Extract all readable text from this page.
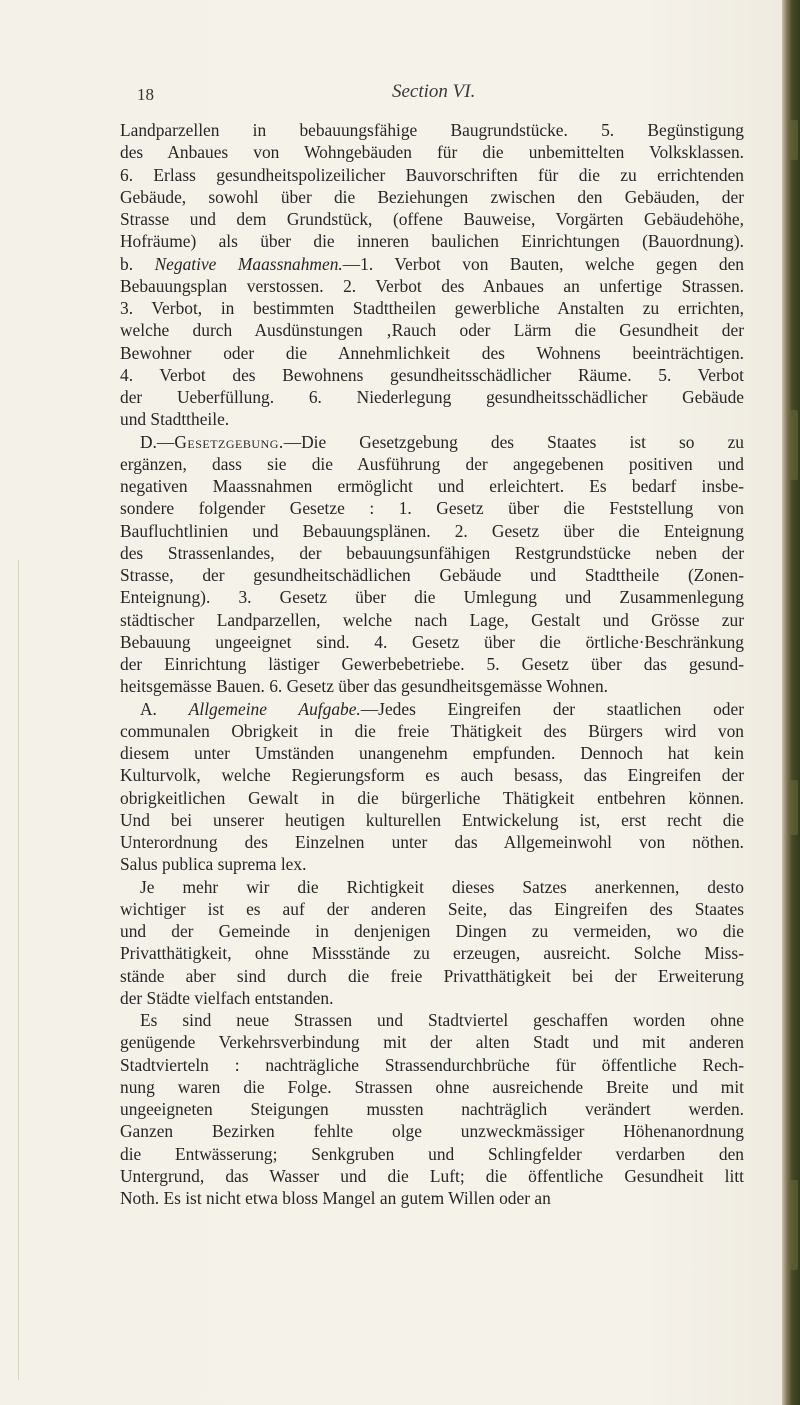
18	Section VI.
Landparzellen in bebauungsfähige Baugrundstücke. 5. Begünstigung
des Anbaues von Wohngebäuden für die unbemittelten Volksklassen.
6. Erlass gesundheitspolizeilicher Bauvorschriften für die zu errichtenden
Gebäude, sowohl über die Beziehungen zwischen den Gebäuden, der
Strasse und dem Grundstück, (offene Bauweise, Vorgärten Gebäudehöhe,
Hofräume) als über die inneren baulichen Einrichtungen (Bauordnung).
b. Negative Maassnahmen.—1. Verbot von Bauten, welche gegen den
Bebauungsplan verstossen. 2. Verbot des Anbaues an unfertige Strassen.
3. Verbot, in bestimmten Stadttheilen gewerbliche Anstalten zu errichten,
welche durch Ausdünstungen ‚Rauch oder Lärm die Gesundheit der
Bewohner oder die Annehmlichkeit des Wohnens beeinträchtigen.
4. Verbot des Bewohnens gesundheitsschädlicher Räume. 5. Verbot
der Ueberfüllung. 6. Niederlegung gesundheitsschädlicher Gebäude
und Stadttheile.
D.—Gesetzgebung.—Die Gesetzgebung des Staates ist so zu
ergänzen, dass sie die Ausführung der angegebenen positiven und
negativen Maassnahmen ermöglicht und erleichtert. Es bedarf insbe-
sondere folgender Gesetze : 1. Gesetz über die Feststellung von
Baufluchtlinien und Bebauungsplänen. 2. Gesetz über die Enteignung
des Strassenlandes, der bebauungsunfähigen Restgrundstücke neben der
Strasse, der gesundheitschädlichen Gebäude und Stadttheile (Zonen-
Enteignung). 3. Gesetz über die Umlegung und Zusammenlegung
städtischer Landparzellen, welche nach Lage, Gestalt und Grösse zur
Bebauung ungeeignet sind. 4. Gesetz über die örtliche·Beschränkung
der Einrichtung lästiger Gewerbebetriebe. 5. Gesetz über das gesund-
heitsgemässe Bauen. 6. Gesetz über das gesundheitsgemässe Wohnen.
A. Allgemeine Aufgabe.—Jedes Eingreifen der staatlichen oder
communalen Obrigkeit in die freie Thätigkeit des Bürgers wird von
diesem unter Umständen unangenehm empfunden. Dennoch hat kein
Kulturvolk, welche Regierungsform es auch besass, das Eingreifen der
obrigkeitlichen Gewalt in die bürgerliche Thätigkeit entbehren können.
Und bei unserer heutigen kulturellen Entwickelung ist, erst recht die
Unterordnung des Einzelnen unter das Allgemeinwohl von nöthen.
Salus publica suprema lex.
Je mehr wir die Richtigkeit dieses Satzes anerkennen, desto
wichtiger ist es auf der anderen Seite, das Eingreifen des Staates
und der Gemeinde in denjenigen Dingen zu vermeiden, wo die
Privatthätigkeit, ohne Missstände zu erzeugen, ausreicht. Solche Miss-
stände aber sind durch die freie Privatthätigkeit bei der Erweiterung
der Städte vielfach entstanden.
Es sind neue Strassen und Stadtviertel geschaffen worden ohne
genügende Verkehrsverbindung mit der alten Stadt und mit anderen
Stadtvierteln : nachträgliche Strassendurchbrüche für öffentliche Rech-
nung waren die Folge. Strassen ohne ausreichende Breite und mit
ungeeigneten Steigungen mussten nachträglich verändert werden.
Ganzen Bezirken fehlte olge unzweckmässiger Höhenanordnung
die Entwässerung; Senkgruben und Schlingfelder verdarben den
Untergrund, das Wasser und die Luft; die öffentliche Gesundheit litt
Noth. Es ist nicht etwa bloss Mangel an gutem Willen oder an
